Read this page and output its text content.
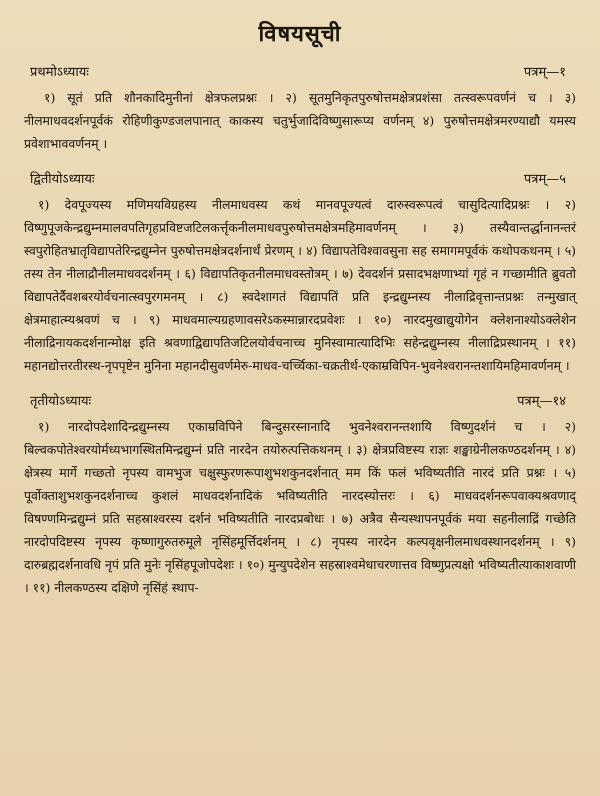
विषयसूची
प्रथमोऽध्यायः	पत्रम्—१
१) सूतं प्रति शौनकादिमुनीनां क्षेत्रफलप्रश्नः । २) सूतमुनिकृतपुरुषोत्तमक्षेत्रप्रशंसा तत्स्वरूपवर्णनं च । ३) नीलमाधवदर्शनपूर्वकं रोहिणीकुण्डजलपानात् काकस्य चतुर्भुजादिविष्णुसारूप्य वर्णनम् ४) पुरुषोत्तमक्षेत्रमरण्याद्यौ यमस्य प्रवेशाभाववर्णनम् ।
द्वितीयोऽध्यायः	पत्रम्—५
१) देवपूज्यस्य मणिमयविग्रहस्य नीलमाधवस्य कथं मानवपूज्यत्वं दारुस्वरूपत्वं चासुदित्यादिप्रश्नः । २) विष्णुपूजकेन्द्रद्युम्नमालवपतिगृहप्रविष्टजटिलकर्त्तृकनीलमाधवपुरुषोत्तमक्षेत्रमहिमावर्णनम् । ३) तस्यैवान्तर्द्धानानन्तरं स्वपुरोहितभ्रातृविद्यापतेरिन्द्रद्युम्नेन पुरुषोत्तमक्षेत्रदर्शनार्थं प्रेरणम् । ४) विद्यापतेविश्वावसुना सह समागमपूर्वकं कथोपकथनम् । ५) तस्य तेन नीलाद्रौनीलमाधवदर्शनम् । ६) विद्यापतिकृतनीलमाधवस्तोत्रम् । ७) देवदर्शनं प्रसादभक्षणाभ्यां गृहं न गच्छामीति ब्रुवतो विद्यापतेर्दैवशबरयोर्वचनात्स्वपुरगमनम् । ८) स्वदेशागतं विद्यापतिं प्रति इन्द्रद्युम्नस्य नीलाद्रिवृत्तान्तप्रश्नः तन्मुखात् क्षेत्रमाहात्म्यश्रवणं च । ९) माधवमाल्यग्रहणावसरेऽकस्मान्नारदप्रवेशः । १०) नारदमुखाद्युयोगेन क्लेशनाश्योऽक्लेशेन नीलाद्रिनायकदर्शनान्मोक्ष इति श्रवणाद्विद्यापतिजटिलयोर्वचनाच्च मुनिस्वामात्यादिभिः सहेन्द्रद्युम्नस्य नीलाद्रिप्रस्थानम् । ११) महानद्योत्तरतीरस्थ-नृपपृष्टेन मुनिना महानदीसुवर्णमेरु-माधव-चर्च्चिका-चक्रतीर्थ-एकाम्रविपिन-भुवनेश्वरानन्तशायिमहिमावर्णनम् ।
तृतीयोऽध्यायः	पत्रम्—१४
१) नारदोपदेशादिन्द्रद्युम्नस्य एकाम्रविपिने बिन्दुसरस्नानादि भुवनेश्वरानन्तशायि विष्णुदर्शनं च । २) बिल्वकपोतेश्वरयोर्मध्यभागस्थितमिन्द्रद्युम्नं प्रति नारदेन तयोरुत्पत्तिकथनम् । ३) क्षेत्रप्रविष्टस्य राज्ञः शङ्खाग्रेनीलकण्ठदर्शनम् । ४) क्षेत्रस्य मार्गे गच्छतो नृपस्य वामभुज चक्षुस्फुरणरूपाशुभशकुनदर्शनात् मम किं फलं भविष्यतीति नारदं प्रति प्रश्नः । ५) पूर्वोक्ताशुभशकुनदर्शनाच्च कुशलं माधवदर्शनादिकं भविष्यतीति नारदस्योत्तरः । ६) माधवदर्शनरूपवाक्यश्रवणाद् विषण्णमिन्द्रद्युम्नं प्रति सहस्राश्वरस्य दर्शनं भविष्यतीति नारदप्रबोधः । ७) अत्रैव सैन्यस्थापनपूर्वकं मया सहनीलाद्रिं गच्छेति नारदोपदिष्टस्य नृपस्य कृष्णागुरुतरुमूले नृसिंहमूर्त्तिदर्शनम् । ८) नृपस्य नारदेन कल्पवृक्षनीलमाधवस्थानदर्शनम् । ९) दारुब्रह्मदर्शनावधि नृपं प्रति मुनेः नृसिंहपूजोपदेशः । १०) मुन्युपदेशेन सहस्राश्वमेधाचरणात्तव विष्णुप्रत्यक्षो भविष्यतीत्याकाशवाणी । ११) नीलकण्ठस्य दक्षिणे नृसिंहं स्थाप-
